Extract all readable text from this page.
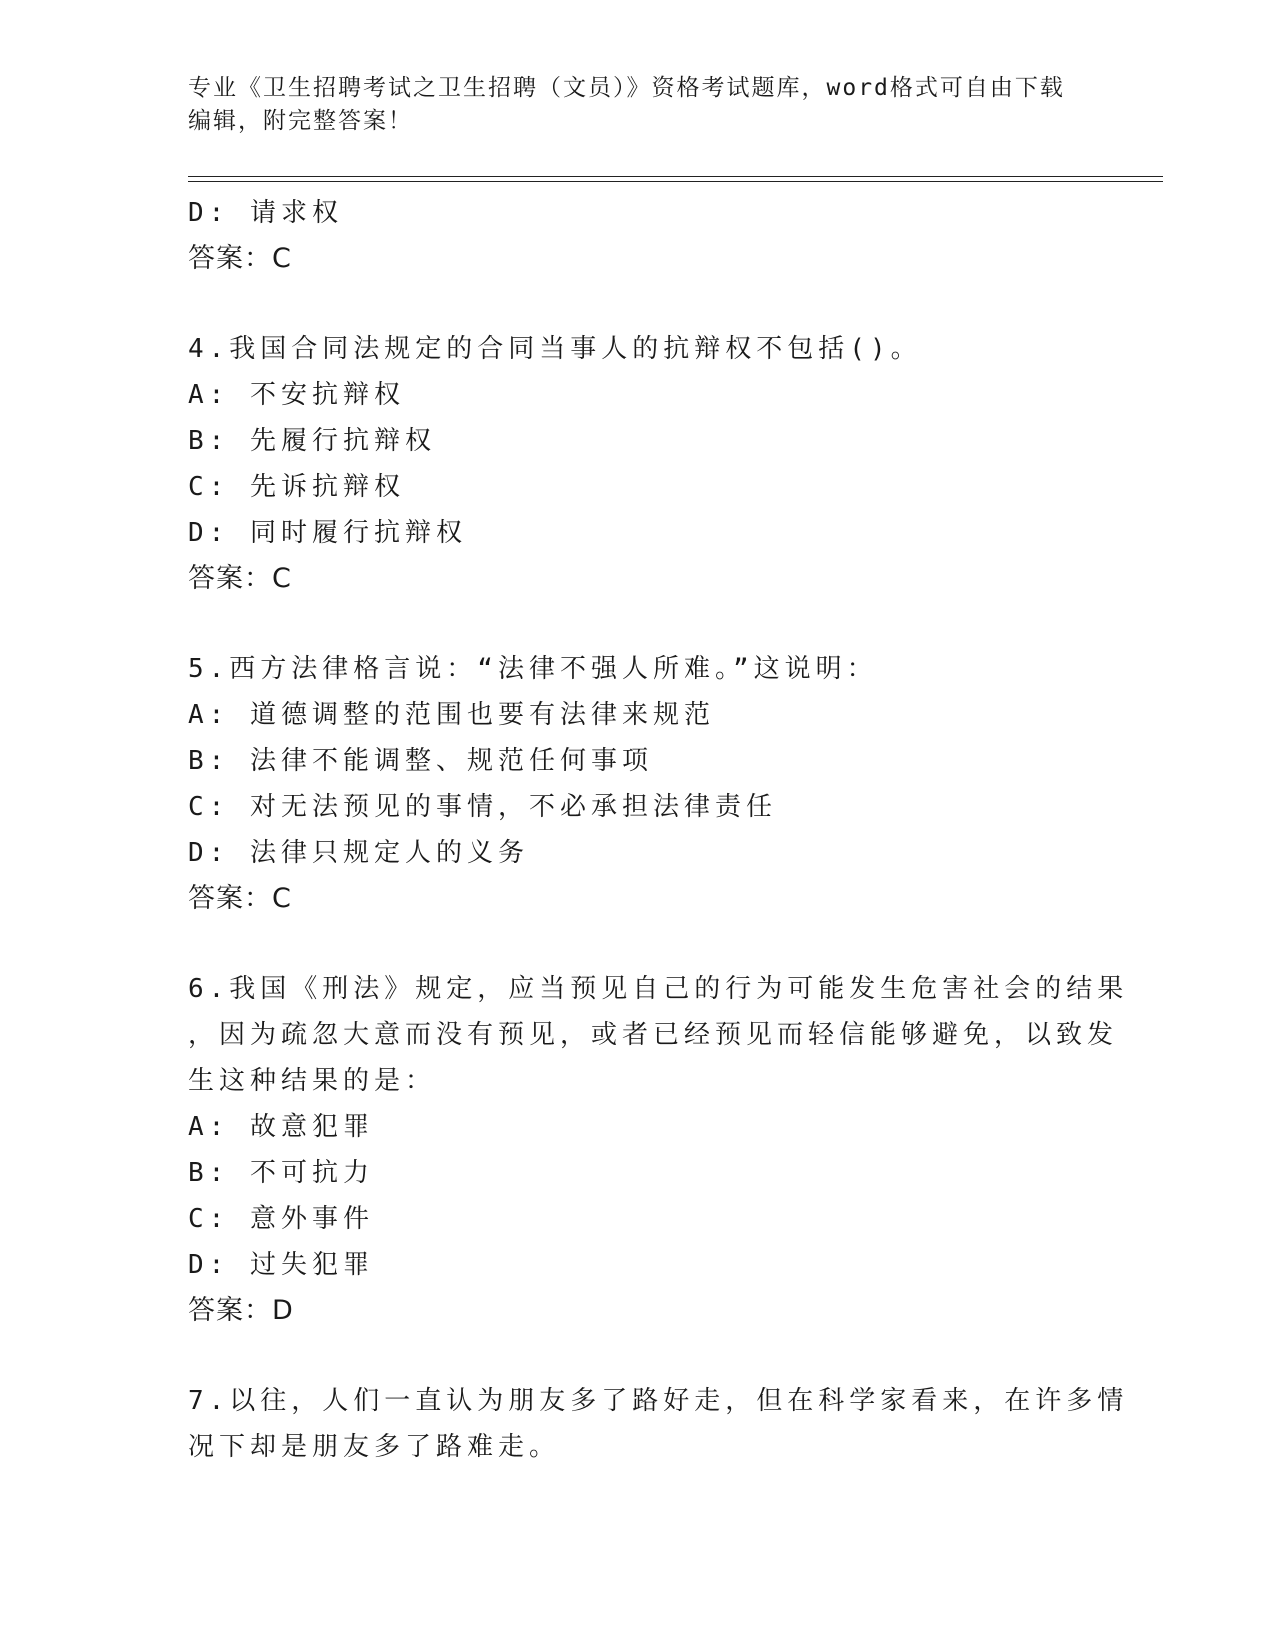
专业《卫生招聘考试之卫生招聘（文员）》资格考试题库，word格式可自由下载
编辑，附完整答案！
D: 请求权
答案：C
4.我国合同法规定的合同当事人的抗辩权不包括()。
A: 不安抗辩权
B: 先履行抗辩权
C: 先诉抗辩权
D: 同时履行抗辩权
答案：C
5.西方法律格言说：“法律不强人所难。”这说明：
A: 道德调整的范围也要有法律来规范
B: 法律不能调整、规范任何事项
C: 对无法预见的事情，不必承担法律责任
D: 法律只规定人的义务
答案：C
6.我国《刑法》规定，应当预见自己的行为可能发生危害社会的结果
，因为疏忽大意而没有预见，或者已经预见而轻信能够避免，以致发
生这种结果的是：
A: 故意犯罪
B: 不可抗力
C: 意外事件
D: 过失犯罪
答案：D
7.以往，人们一直认为朋友多了路好走，但在科学家看来，在许多情
况下却是朋友多了路难走。
